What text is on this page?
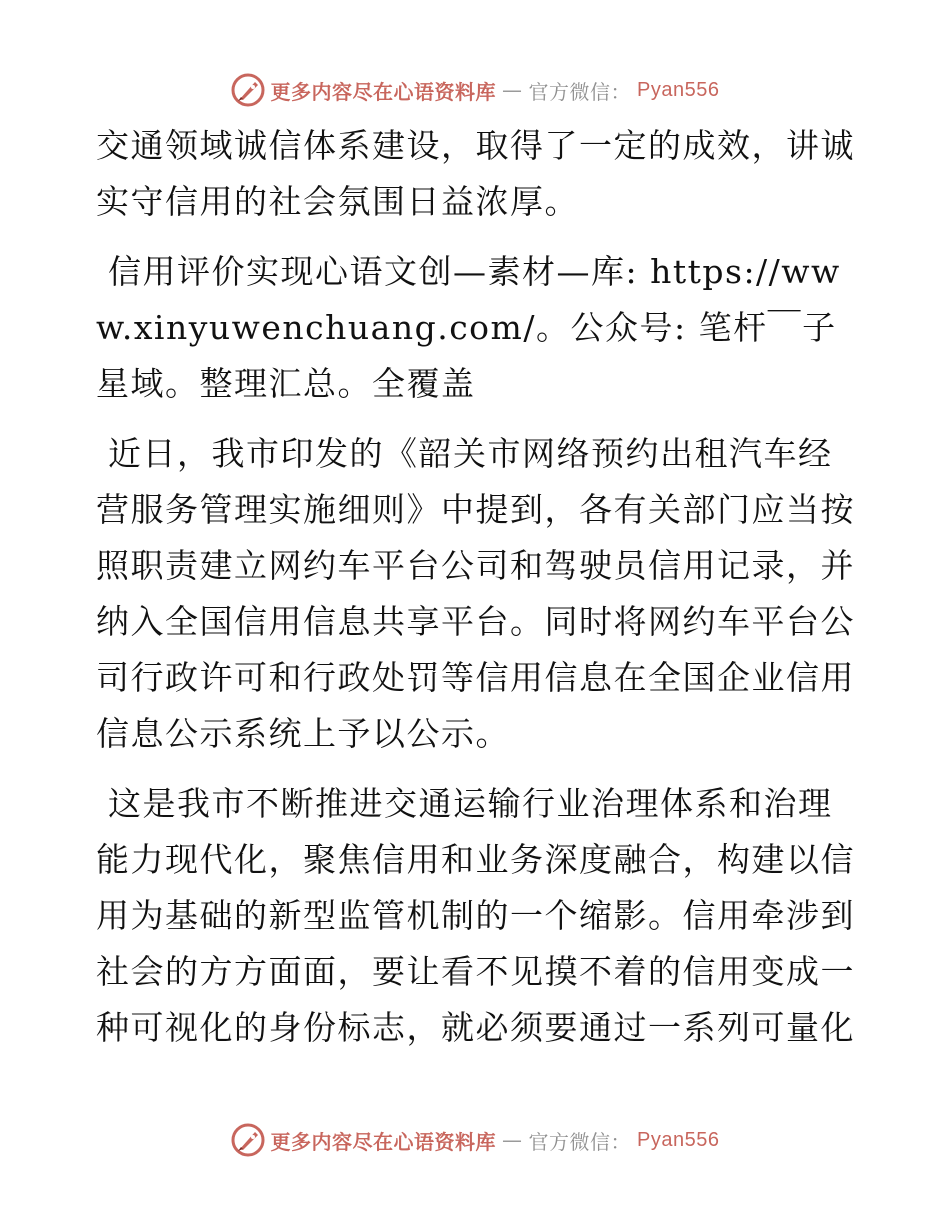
更多内容尽在心语资料库 — 官方微信： Pyan556

交通领域诚信体系建设，取得了一定的成效，讲诚实守信用的社会氛围日益浓厚。

信用评价实现心语文创—素材—库: https://www.xinyuwenchuang.com/。公众号: 笔杆￣子星域。整理汇总。全覆盖

近日，我市印发的《韶关市网络预约出租汽车经营服务管理实施细则》中提到，各有关部门应当按照职责建立网约车平台公司和驾驶员信用记录，并纳入全国信用信息共享平台。同时将网约车平台公司行政许可和行政处罚等信用信息在全国企业信用信息公示系统上予以公示。

这是我市不断推进交通运输行业治理体系和治理能力现代化，聚焦信用和业务深度融合，构建以信用为基础的新型监管机制的一个缩影。信用牵涉到社会的方方面面，要让看不见摸不着的信用变成一种可视化的身份标志，就必须要通过一系列可量化

更多内容尽在心语资料库 — 官方微信： Pyan556
